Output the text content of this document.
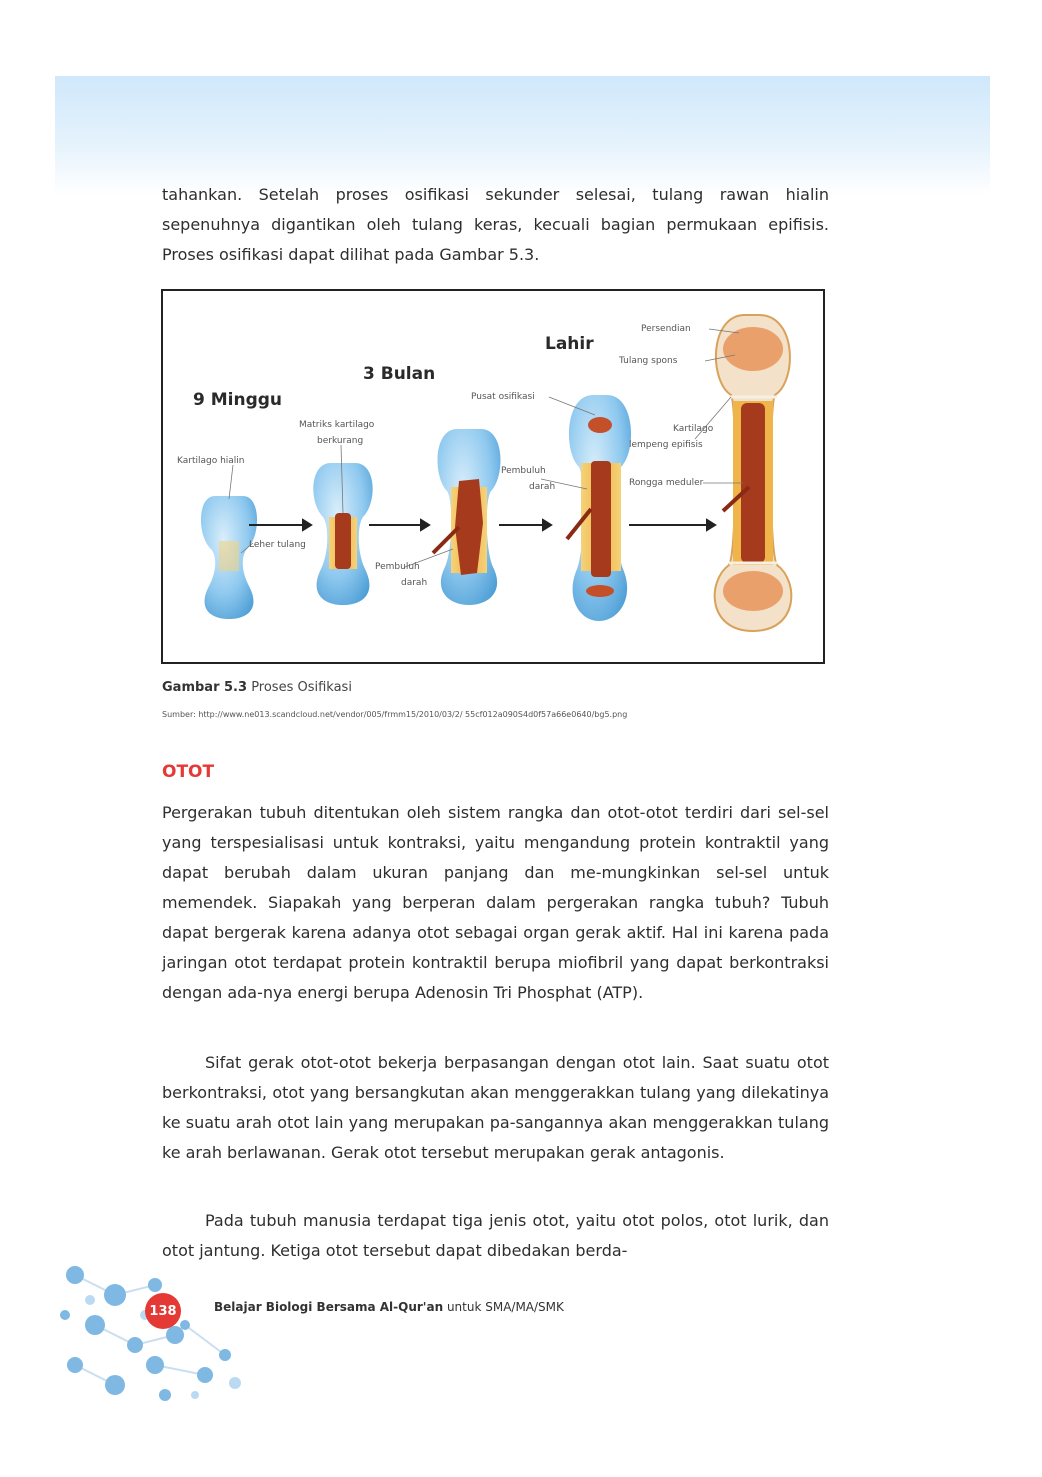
tahankan. Setelah proses osifikasi sekunder selesai, tulang rawan hialin sepenuhnya digantikan oleh tulang keras, kecuali bagian permukaan epifisis. Proses osifikasi dapat dilihat pada Gambar 5.3.

9 Minggu
3 Bulan
Lahir
Kartilago hialin
Leher tulang
Matriks kartilago
berkurang
Pembuluh
darah
Pusat osifikasi
Pembuluh
darah
Persendian
Tulang spons
Kartilago
lempeng epifisis
Rongga meduler
Gambar 5.3 Proses Osifikasi
Sumber: http://www.ne013.scandcloud.net/vendor/005/frmm15/2010/03/2/ 55cf012a090S4d0f57a66e0640/bg5.png
OTOT

Pergerakan tubuh ditentukan oleh sistem rangka dan otot-otot terdiri dari sel-sel yang terspesialisasi untuk kontraksi, yaitu mengandung protein kontraktil yang dapat berubah dalam ukuran panjang dan me-mungkinkan sel-sel untuk memendek. Siapakah yang berperan dalam pergerakan rangka tubuh? Tubuh dapat bergerak karena adanya otot sebagai organ gerak aktif. Hal ini karena pada jaringan otot terdapat protein kontraktil berupa miofibril yang dapat berkontraksi dengan ada-nya energi berupa Adenosin Tri Phosphat (ATP).

Sifat gerak otot-otot bekerja berpasangan dengan otot lain. Saat suatu otot berkontraksi, otot yang bersangkutan akan menggerakkan tulang yang dilekatinya ke suatu arah otot lain yang merupakan pa-sangannya akan menggerakkan tulang ke arah berlawanan. Gerak otot tersebut merupakan gerak antagonis.

Pada tubuh manusia terdapat tiga jenis otot, yaitu otot polos, otot lurik, dan otot jantung. Ketiga otot tersebut dapat dibedakan berda-

138	Belajar Biologi Bersama Al-Qur'an untuk SMA/MA/SMK
